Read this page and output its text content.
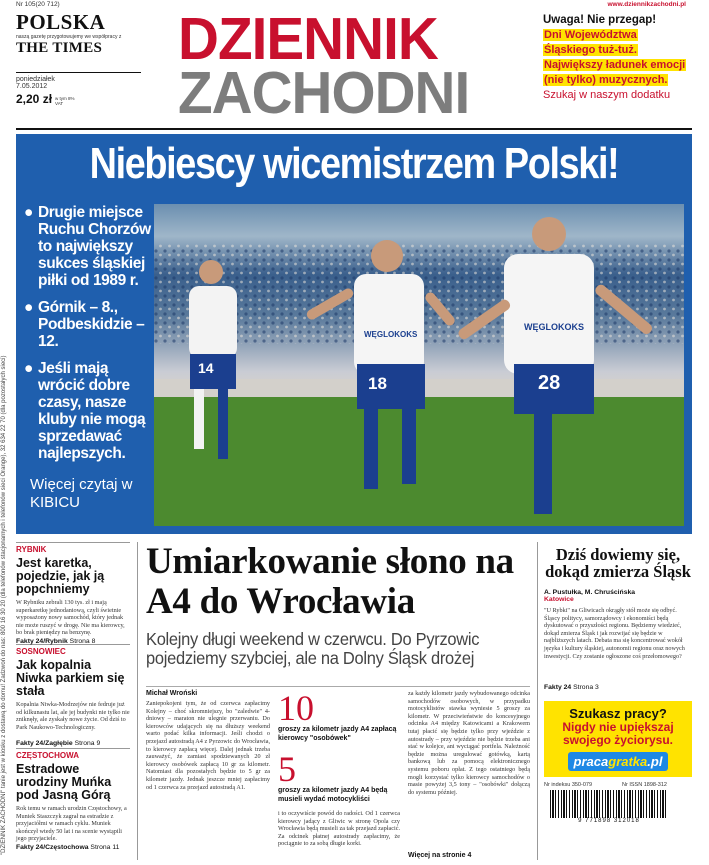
Nr 105(20 712)	www.dziennikzachodni.pl
"DZIENNIK ZACHODNI" tanie jest w kiosku z dostawą do domu! Zadzwoń do nas: 800 16 30 20 (dla telefonów stacjonarnych i telefonów sieci Orange), 32 634 22 70 (dla pozostałych sieci)
POLSKA
naszą gazetę przygotowujemy we współpracy z
THE TIMES
poniedziałek
7.05.2012
2,20 zł w tym 8% VAT
DZIENNIK
ZACHODNI
Uwaga! Nie przegap!
Dni Województwa Śląskiego tuż-tuż. Największy ładunek emocji (nie tylko) muzycznych. Szukaj w naszym dodatku
Niebiescy wicemistrzem Polski!
● Drugie miejsce Ruchu Chorzów to największy sukces śląskiej piłki od 1989 r.
● Górnik – 8., Podbeskidzie – 12.
● Jeśli mają wrócić dobre czasy, nasze kluby nie mogą sprzedawać najlepszych.
Więcej czytaj w KIBICU
14
18	28
WĘGLOKOKS
WĘGLOKOKS
FOT. ARKADIUSZ ŁAWRYWIANIEC
RYBNIK
Jest karetka, pojedzie, jak ją popchniemy
W Rybniku zebrali 130 tys. zł i mają superkaretkę jednodaniową, czyli świetnie wyposażony nowy samochód, który jednak nie może ruszyć w drogę. Nie ma kierowcy, bo brak pieniędzy na benzynę.
Fakty 24/Rybnik Strona 8
SOSNOWIEC
Jak kopalnia Niwka parkiem się stała
Kopalnia Niwka-Modrzejów nie fedruje już od kilkunastu lat, ale jej budynki nie tylko nie zniknęły, ale zyskały nowe życie. Od dziś to Park Naukowo-Technologiczny.
Fakty 24/Zagłębie Strona 9
CZĘSTOCHOWA
Estradowe urodziny Muńka pod Jasną Górą
Rok temu w ramach urodzin Częstochowy, a Muniek Staszczyk zagrał na estradzie z przyjaciółmi w ramach cyklu. Muniek skończył wtedy 50 lat i na scenie wystąpili jego przyjaciele.
Fakty 24/Częstochowa Strona 11
Umiarkowanie słono na A4 do Wrocławia
Kolejny długi weekend w czerwcu. Do Pyrzowic pojedziemy szybciej, ale na Dolny Śląsk drożej
Michał Wroński
Zaniepokojeni tym, że od czerwca zapłacimy Kolejny – choć skromniejszy, bo "zaledwie" 4-dniowy – maraton nie ulegnie przerwaniu. Do kierowców udających się na dłuższy weekend warto podać kilka informacji. Jeśli chodzi o przejazd autostradą A4 z Pyrzowic do Wrocławia, to kierowcy zapłacą więcej. Dalej jednak trzeba zauważyć, że zamiast spodziewanych 20 zł kierowcy osobówek zapłacą 10 gr za kilometr. Natomiast dla pozostałych będzie to 5 gr za kilometr jazdy. Jednak jeszcze mniej zapłacimy od 1 czerwca za przejazd autostradą A1.
10
groszy za kilometr jazdy A4 zapłacą kierowcy "osobówek"
5
groszy za kilometr jazdy A4 będą musieli wydać motocykliści
i to oczywiście powód do radości. Od 1 czerwca kierowcy jadący z Gliwic w stronę Opola czy Wrocławia będą musieli za tak przejazd zapłacić. Za odcinek płatnej autostrady zapłacimy, że pociągnie to za sobą długie korki.
za każdy kilometr jazdy wybudowanego odcinka samochodów osobowych, w przypadku motocyklistów stawka wyniesie 5 groszy za kilometr. W przeciwieństwie do koncesyjnego odcinka A4 między Katowicami a Krakowem tutaj płacić się będzie tylko przy wjeździe z autostrady – przy wjeździe nie będzie trzeba ani stać w kolejce, ani wyciągać portfela. Należność będzie można uregulować gotówką, kartą bankową lub za pomocą elektronicznego systemu poboru opłat. Z tego ostatniego będą mogli korzystać tylko kierowcy samochodów o masie powyżej 3,5 tony – "osobówki" dołączą do systemu później.
Więcej na stronie 4
Dziś dowiemy się, dokąd zmierza Śląsk
A. Pustułka, M. Chruścińska
Katowice
"U Rybki" na Gliwicach okrągły stół może się odbyć. Śląscy politycy, samorządowcy i ekonomiści będą dyskutować o przyszłości regionu. Będziemy wiedzieć, dokąd zmierza Śląsk i jak rozwijać się będzie w najbliższych latach. Debata ma się koncentrować wokół języka i kultury śląskiej, autonomii regionu oraz nowych inwestycji. Czy zostanie ogłoszone coś przełomowego?
Fakty 24 Strona 3
Szukasz pracy?
Nigdy nie upiększaj swojego życiorysu.
pracagratka.pl
Nr indeksu 350-079	Nr ISSN 1898-312
9 771898 312018
